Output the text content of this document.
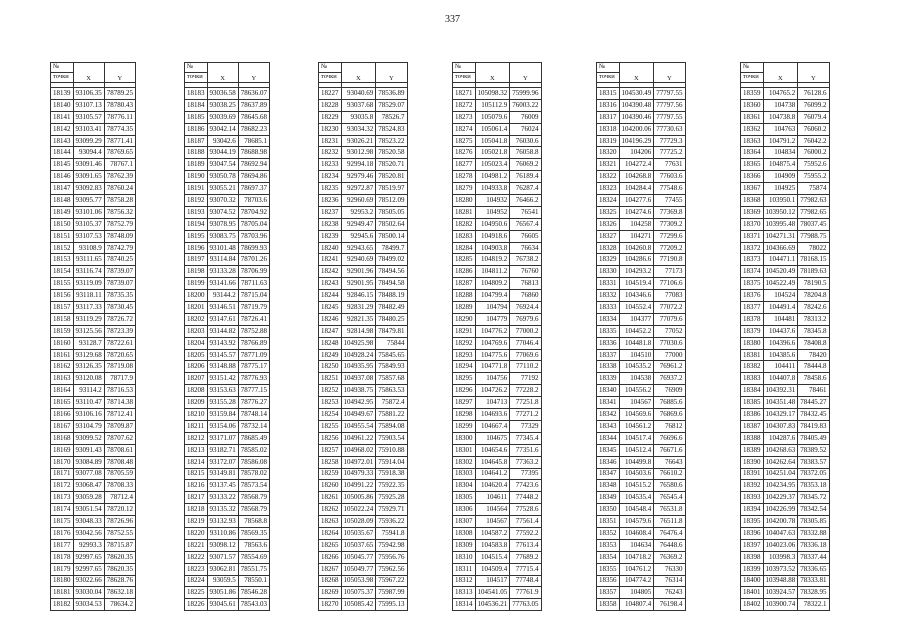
337
№	X	Y
точки		

18139	93106.35	78789.25
18140	93107.13	78780.43
18141	93105.57	78776.11
18142	93103.41	78774.35
18143	93099.29	78771.41
18144	93094.4	78769.65
18145	93091.46	78767.1
18146	93091.65	78762.39
18147	93092.83	78760.24
18148	93095.77	78758.28
18149	93101.06	78756.32
18150	93105.37	78752.79
18151	93107.53	78748.09
18152	93108.9	78742.79
18153	93111.65	78740.25
18154	93116.74	78739.07
18155	93119.09	78739.07
18156	93118.11	78735.35
18157	93117.33	78730.45
18158	93119.29	78726.72
18159	93125.56	78723.39
18160	93128.7	78722.61
18161	93129.68	78720.65
18162	93126.35	78719.08
18163	93120.08	78717.9
18164	93114.2	78716.53
18165	93110.47	78714.38
18166	93106.16	78712.41
18167	93104.79	78709.87
18168	93099.52	78707.62
18169	93091.43	78708.61
18170	93084.89	78708.48
18171	93077.08	78705.59
18172	93068.47	78708.33
18173	93059.28	78712.4
18174	93051.54	78720.12
18175	93048.33	78726.96
18176	93042.56	78752.55
18177	92993.3	78715.87
18178	92997.65	78620.35
18179	92997.65	78620.35
18180	93022.66	78628.76
18181	93030.04	78632.18
18182	93034.53	78634.2
№	X	Y
точки		

18183	93036.58	78636.07
18184	93038.25	78637.89
18185	93039.69	78645.68
18186	93042.14	78682.23
18187	93042.6	78685.1
18188	93044.19	78688.98
18189	93047.54	78692.94
18190	93050.78	78694.86
18191	93055.21	78697.37
18192	93070.32	78703.6
18193	93074.52	78704.92
18194	93078.95	78705.04
18195	93083.75	78703.96
18196	93101.48	78699.93
18197	93114.84	78701.26
18198	93133.28	78706.99
18199	93141.66	78711.63
18200	93144.2	78715.04
18201	93146.51	78719.79
18202	93147.61	78726.41
18203	93144.82	78752.88
18204	93143.92	78766.89
18205	93145.57	78771.09
18206	93148.88	78775.17
18207	93151.42	78776.93
18208	93153.63	78777.15
18209	93155.28	78776.27
18210	93159.84	78748.14
18211	93154.06	78732.14
18212	93171.07	78685.49
18213	93182.71	78585.02
18214	93172.07	78586.08
18215	93149.81	78578.02
18216	93137.45	78573.54
18217	93133.22	78568.79
18218	93135.32	78568.79
18219	93132.93	78568.8
18220	93110.86	78569.35
18221	93098.12	78563.6
18222	93071.57	78554.69
18223	93062.81	78551.75
18224	93059.5	78550.1
18225	93051.86	78546.28
18226	93045.61	78543.03
№	X	Y
точки		

18227	93040.69	78536.89
18228	93037.68	78529.07
18229	93035.8	78526.7
18230	93034.32	78524.83
18231	93026.21	78523.22
18232	93012.98	78520.58
18233	92994.18	78520.71
18234	92979.46	78520.81
18235	92972.87	78519.97
18236	92960.69	78512.09
18237	92953.2	78505.05
18238	92949.47	78502.64
18239	92945.6	78500.14
18240	92943.65	78499.7
18241	92940.69	78499.02
18242	92901.96	78494.56
18243	92901.95	78494.58
18244	92846.15	78488.19
18245	92831.29	78482.49
18246	92821.35	78480.25
18247	92814.98	78479.81
18248	104925.98	75844
18249	104928.24	75845.65
18250	104935.95	75849.93
18251	104937.08	75857.68
18252	104938.75	75863.53
18253	104942.95	75872.4
18254	104949.67	75881.22
18255	104955.54	75894.08
18256	104961.22	75903.54
18257	104968.02	75910.88
18258	104972.01	75914.04
18259	104979.33	75918.38
18260	104991.22	75922.35
18261	105005.86	75925.28
18262	105022.24	75929.71
18263	105028.09	75936.22
18264	105035.67	75941.8
18265	105037.65	75942.98
18266	105045.77	75956.76
18267	105049.77	75962.56
18268	105053.98	75967.22
18269	105075.37	75987.99
18270	105085.42	75995.13
№	X	Y
точки		

18271	105098.32	75999.96
18272	105112.9	76003.22
18273	105079.6	76009
18274	105061.4	76024
18275	105041.8	76030.6
18276	105021.8	76058.8
18277	105023.4	76069.2
18278	104981.2	76189.4
18279	104933.8	76287.4
18280	104932	76466.2
18281	104952	76541
18282	104950.6	76567.4
18283	104918.6	76605
18284	104903.8	76634
18285	104819.2	76738.2
18286	104811.2	76760
18287	104809.2	76813
18288	104799.4	76860
18289	104794	76924.4
18290	104779	76979.6
18291	104776.2	77000.2
18292	104769.6	77046.4
18293	104775.6	77069.6
18294	104771.8	77110.2
18295	104756	77192
18296	104726.2	77228.2
18297	104713	77251.8
18298	104693.6	77271.2
18299	104667.4	77329
18300	104675	77345.4
18301	104654.6	77351.6
18302	104645.8	77363.2
18303	104641.2	77395
18304	104620.4	77423.6
18305	104611	77448.2
18306	104564	77528.6
18307	104567	77561.4
18308	104587.2	77592.2
18309	104583.8	77613.4
18310	104515.4	77689.2
18311	104509.4	77715.4
18312	104517	77748.4
18313	104541.05	77761.9
18314	104536.21	77763.05
№	X	Y
точки		

18315	104530.49	77797.55
18316	104390.48	77797.56
18317	104390.46	77797.55
18318	104200.06	77730.63
18319	104196.29	77729.3
18320	104206	77725.2
18321	104272.4	77631
18322	104268.8	77603.6
18323	104284.4	77548.6
18324	104277.6	77455
18325	104274.6	77369.8
18326	104258	77309.2
18327	104271	77299.6
18328	104260.8	77209.2
18329	104286.6	77190.8
18330	104293.2	77173
18331	104519.4	77106.6
18332	104346.6	77083
18333	104552.4	77072.2
18334	104377	77079.6
18335	104452.2	77052
18336	104481.8	77030.6
18337	104510	77000
18338	104535.2	76961.2
18339	104538	76937.2
18340	104556.2	76909
18341	104567	76885.6
18342	104569.6	76869.6
18343	104561.2	76812
18344	104517.4	76696.6
18345	104512.4	76671.6
18346	104499.8	76643
18347	104503.6	76610.2
18348	104515.2	76580.6
18349	104535.4	76545.4
18350	104548.4	76531.8
18351	104579.6	76511.8
18352	104608.4	76476.4
18353	104634	76448.6
18354	104718.2	76369.2
18355	104761.2	76330
18356	104774.2	76314
18357	104805	76243
18358	104807.4	76198.4
№	X	Y
точки		

18359	104765.2	76128.6
18360	104738	76099.2
18361	104738.8	76079.4
18362	104763	76060.2
18363	104791.2	76042.2
18364	104834	76000.2
18365	104875.4	75952.6
18366	104909	75955.2
18367	104925	75874
18368	103950.1	77982.63
18369	103950.12	77982.65
18370	103995.48	78037.45
18371	104271.31	77988.75
18372	104366.69	78022
18373	104471.1	78168.15
18374	104520.49	78189.63
18375	104522.49	78190.5
18376	104524	78204.8
18377	104491.4	78242.6
18378	104481	78313.2
18379	104437.6	78345.8
18380	104396.6	78408.8
18381	104385.6	78420
18382	104411	78444.8
18383	104407.8	78458.6
18384	104392.31	78461
18385	104351.48	78445.27
18386	104329.17	78432.45
18387	104307.83	78419.83
18388	104287.6	78405.49
18389	104268.63	78389.52
18390	104262.64	78383.57
18391	104251.04	78372.05
18392	104234.95	78353.18
18393	104229.37	78345.72
18394	104226.99	78342.54
18395	104200.78	78305.85
18396	104047.63	78332.88
18397	104023.06	78336.18
18398	103998.3	78337.44
18399	103973.52	78336.65
18400	103948.88	78333.81
18401	103924.57	78328.95
18402	103900.74	78322.1
